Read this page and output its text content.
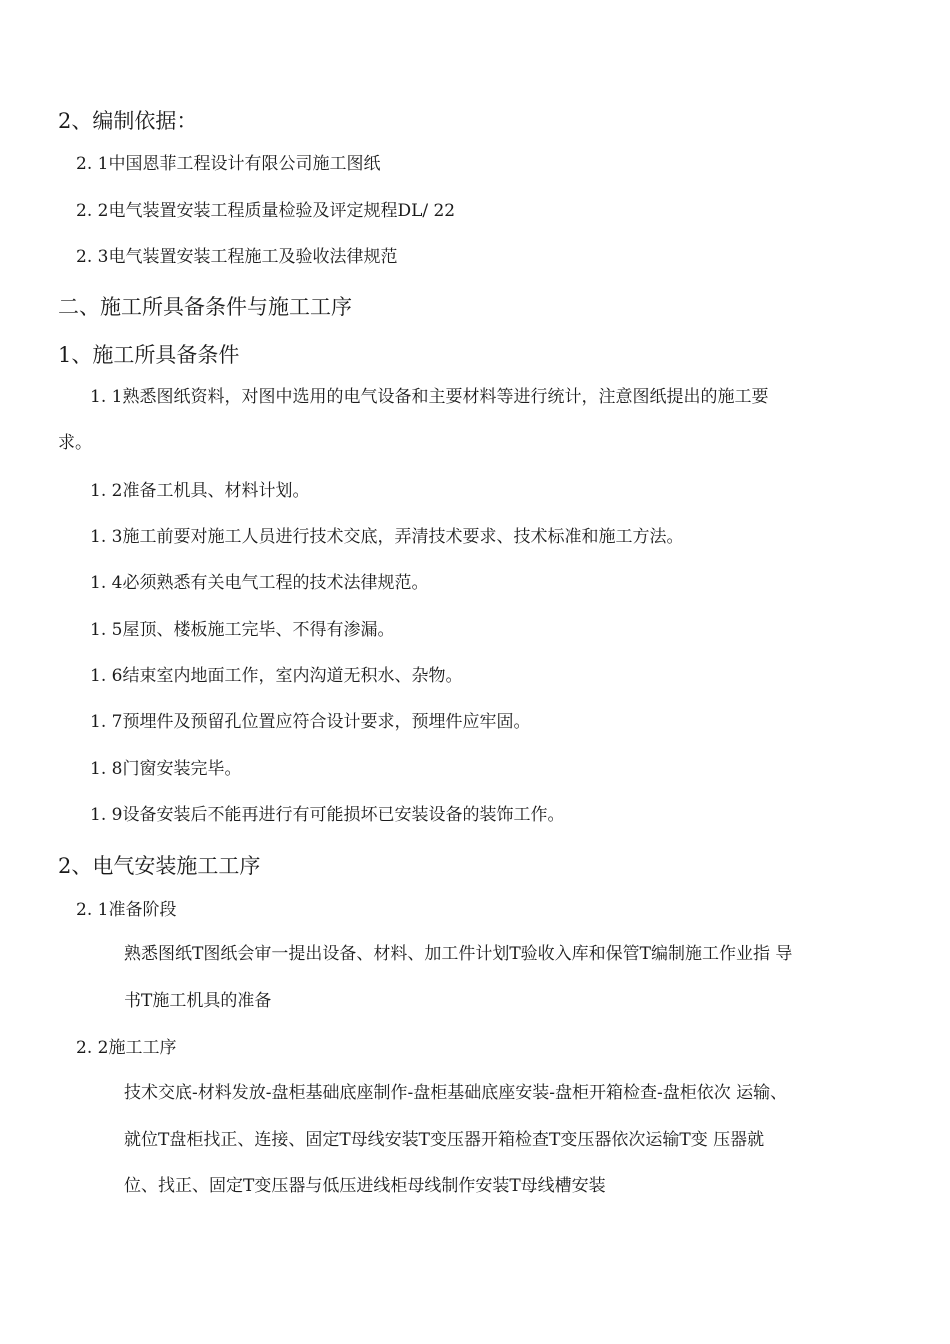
2、编制依据：
2. 1中国恩菲工程设计有限公司施工图纸
2. 2电气装置安装工程质量检验及评定规程DL/ 22
2. 3电气装置安装工程施工及验收法律规范
二、施工所具备条件与施工工序
1、施工所具备条件
1. 1熟悉图纸资料，对图中选用的电气设备和主要材料等进行统计，注意图纸提出的施工要
求。
1. 2准备工机具、材料计划。
1. 3施工前要对施工人员进行技术交底，弄清技术要求、技术标准和施工方法。
1. 4必须熟悉有关电气工程的技术法律规范。
1. 5屋顶、楼板施工完毕、不得有渗漏。
1. 6结束室内地面工作，室内沟道无积水、杂物。
1. 7预埋件及预留孔位置应符合设计要求，预埋件应牢固。
1. 8门窗安装完毕。
1. 9设备安装后不能再进行有可能损坏已安装设备的装饰工作。
2、电气安装施工工序
2. 1准备阶段
熟悉图纸T图纸会审一提出设备、材料、加工件计划T验收入库和保管T编制施工作业指 导
书T施工机具的准备
2. 2施工工序
技术交底-材料发放-盘柜基础底座制作-盘柜基础底座安装-盘柜开箱检查-盘柜依次 运输、
就位T盘柜找正、连接、固定T母线安装T变压器开箱检查T变压器依次运输T变 压器就
位、找正、固定T变压器与低压进线柜母线制作安装T母线槽安装
